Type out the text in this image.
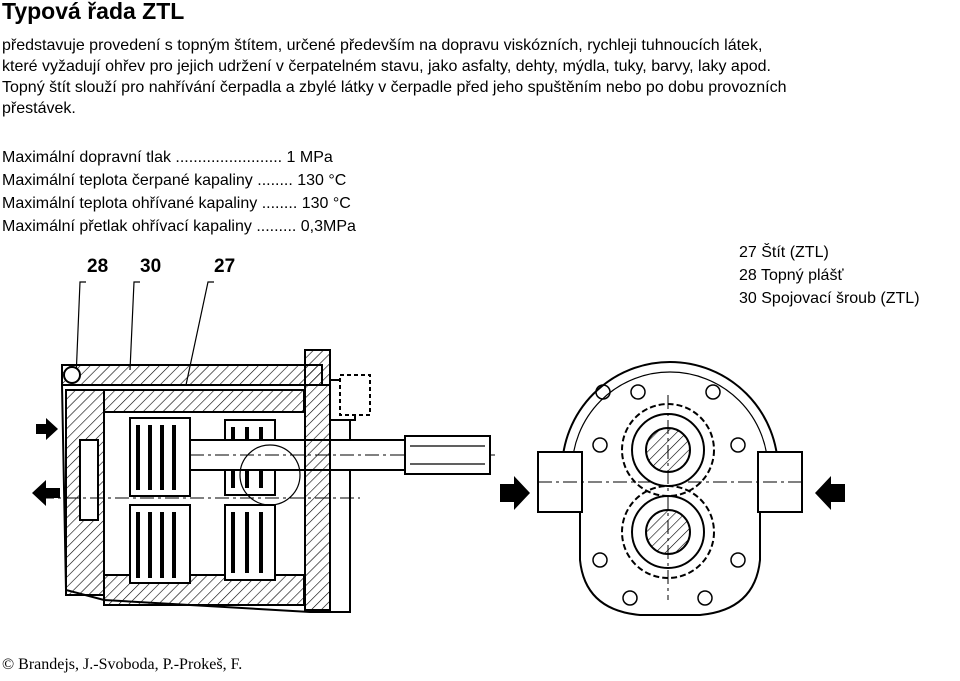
Typová řada ZTL
představuje provedení s topným štítem, určené především na dopravu viskózních, rychleji tuhnoucích látek,
které vyžadují ohřev pro jejich udržení v čerpatelném stavu, jako asfalty, dehty, mýdla, tuky, barvy, laky apod.
Topný štít slouží pro nahřívání čerpadla a zbylé látky v čerpadle před jeho spuštěním nebo po dobu provozních
přestávek.
Maximální dopravní tlak ........................ 1 MPa
Maximální teplota čerpané kapaliny ........ 130 °C
Maximální teplota ohřívané kapaliny ........ 130 °C
Maximální přetlak ohřívací kapaliny ......... 0,3MPa
27 Štít (ZTL)
28 Topný plášť
30 Spojovací šroub (ZTL)
28 30	27
© Brandejs, J.-Svoboda, P.-Prokeš, F.
